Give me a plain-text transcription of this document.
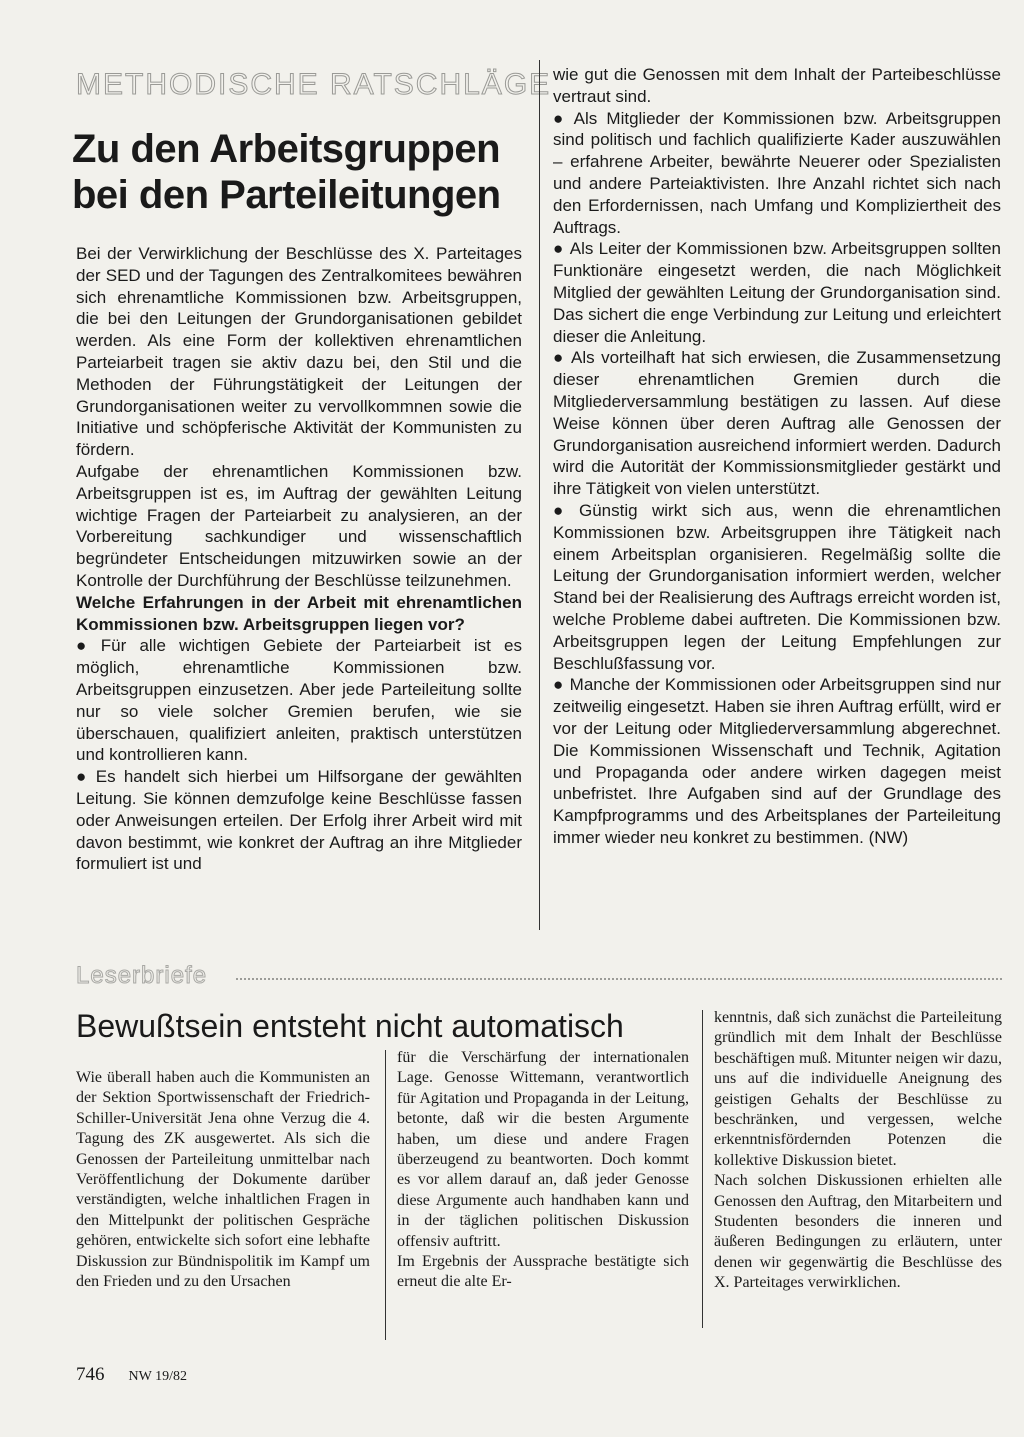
METHODISCHE RATSCHLÄGE
Zu den Arbeitsgruppen
bei den Parteileitungen

Bei der Verwirklichung der Beschlüsse des X. Parteitages der SED und der Tagungen des Zentralkomitees bewähren sich ehrenamtliche Kommissionen bzw. Arbeitsgruppen, die bei den Leitungen der Grundorganisationen gebildet werden. Als eine Form der kollektiven ehrenamtlichen Parteiarbeit tragen sie aktiv dazu bei, den Stil und die Methoden der Führungstätigkeit der Leitungen der Grundorganisationen weiter zu vervollkommnen sowie die Initiative und schöpferische Aktivität der Kommunisten zu fördern.

Aufgabe der ehrenamtlichen Kommissionen bzw. Arbeitsgruppen ist es, im Auftrag der gewählten Leitung wichtige Fragen der Parteiarbeit zu analysieren, an der Vorbereitung sachkundiger und wissenschaftlich begründeter Entscheidungen mitzuwirken sowie an der Kontrolle der Durchführung der Beschlüsse teilzunehmen.

Welche Erfahrungen in der Arbeit mit ehrenamtlichen Kommissionen bzw. Arbeitsgruppen liegen vor?

● Für alle wichtigen Gebiete der Parteiarbeit ist es möglich, ehrenamtliche Kommissionen bzw. Arbeitsgruppen einzusetzen. Aber jede Parteileitung sollte nur so viele solcher Gremien berufen, wie sie überschauen, qualifiziert anleiten, praktisch unterstützen und kontrollieren kann.

● Es handelt sich hierbei um Hilfsorgane der gewählten Leitung. Sie können demzufolge keine Beschlüsse fassen oder Anweisungen erteilen. Der Erfolg ihrer Arbeit wird mit davon bestimmt, wie konkret der Auftrag an ihre Mitglieder formuliert ist und

wie gut die Genossen mit dem Inhalt der Parteibeschlüsse vertraut sind.

● Als Mitglieder der Kommissionen bzw. Arbeitsgruppen sind politisch und fachlich qualifizierte Kader auszuwählen – erfahrene Arbeiter, bewährte Neuerer oder Spezialisten und andere Parteiaktivisten. Ihre Anzahl richtet sich nach den Erfordernissen, nach Umfang und Kompliziertheit des Auftrags.

● Als Leiter der Kommissionen bzw. Arbeitsgruppen sollten Funktionäre eingesetzt werden, die nach Möglichkeit Mitglied der gewählten Leitung der Grundorganisation sind. Das sichert die enge Verbindung zur Leitung und erleichtert dieser die Anleitung.

● Als vorteilhaft hat sich erwiesen, die Zusammensetzung dieser ehrenamtlichen Gremien durch die Mitgliederversammlung bestätigen zu lassen. Auf diese Weise können über deren Auftrag alle Genossen der Grundorganisation ausreichend informiert werden. Dadurch wird die Autorität der Kommissionsmitglieder gestärkt und ihre Tätigkeit von vielen unterstützt.

● Günstig wirkt sich aus, wenn die ehrenamtlichen Kommissionen bzw. Arbeitsgruppen ihre Tätigkeit nach einem Arbeitsplan organisieren. Regelmäßig sollte die Leitung der Grundorganisation informiert werden, welcher Stand bei der Realisierung des Auftrags erreicht worden ist, welche Probleme dabei auftreten. Die Kommissionen bzw. Arbeitsgruppen legen der Leitung Empfehlungen zur Beschlußfassung vor.

● Manche der Kommissionen oder Arbeitsgruppen sind nur zeitweilig eingesetzt. Haben sie ihren Auftrag erfüllt, wird er vor der Leitung oder Mitgliederversammlung abgerechnet. Die Kommissionen Wissenschaft und Technik, Agitation und Propaganda oder andere wirken dagegen meist unbefristet. Ihre Aufgaben sind auf der Grundlage des Kampfprogramms und des Arbeitsplanes der Parteileitung immer wieder neu konkret zu bestimmen. (NW)

Leserbriefe
Bewußtsein entsteht nicht automatisch

Wie überall haben auch die Kommunisten an der Sektion Sportwissenschaft der Friedrich-Schiller-Universität Jena ohne Verzug die 4. Tagung des ZK ausgewertet. Als sich die Genossen der Parteileitung unmittelbar nach Veröffentlichung der Dokumente darüber verständigten, welche inhaltlichen Fragen in den Mittelpunkt der politischen Gespräche gehören, entwickelte sich sofort eine lebhafte Diskussion zur Bündnispolitik im Kampf um den Frieden und zu den Ursachen

für die Verschärfung der internationalen Lage. Genosse Wittemann, verantwortlich für Agitation und Propaganda in der Leitung, betonte, daß wir die besten Argumente haben, um diese und andere Fragen überzeugend zu beantworten. Doch kommt es vor allem darauf an, daß jeder Genosse diese Argumente auch handhaben kann und in der täglichen politischen Diskussion offensiv auftritt.

Im Ergebnis der Aussprache bestätigte sich erneut die alte Er-

kenntnis, daß sich zunächst die Parteileitung gründlich mit dem Inhalt der Beschlüsse beschäftigen muß. Mitunter neigen wir dazu, uns auf die individuelle Aneignung des geistigen Gehalts der Beschlüsse zu beschränken, und vergessen, welche erkenntnisfördernden Potenzen die kollektive Diskussion bietet.

Nach solchen Diskussionen erhielten alle Genossen den Auftrag, den Mitarbeitern und Studenten besonders die inneren und äußeren Bedingungen zu erläutern, unter denen wir gegenwärtig die Beschlüsse des X. Parteitages verwirklichen.

746 NW 19/82
